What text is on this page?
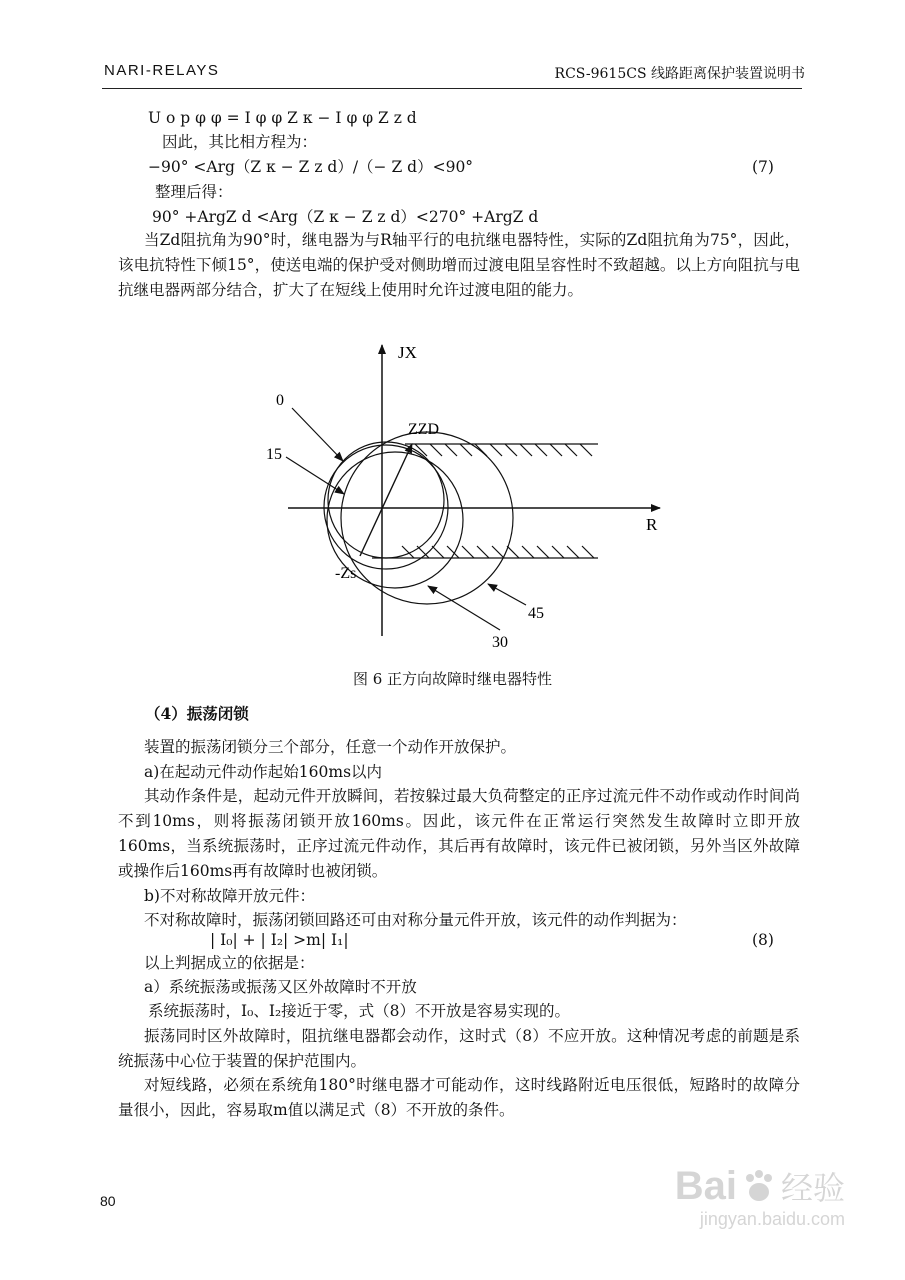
NARI-RELAYS	RCS-9615CS 线路距离保护装置说明书
U o p φ φ = I φ φ Z ᴋ − I φ φ Z z d
因此，其比相方程为：
−90° <Arg（Z ᴋ − Z z d）/（− Z d）<90°	(7)
整理后得：
90° +ArgZ d <Arg（Z ᴋ − Z z d）<270° +ArgZ d
当Zd阻抗角为90°时，继电器为与R轴平行的电抗继电器特性，实际的Zd阻抗角为75°，因此，该电抗特性下倾15°，使送电端的保护受对侧助增而过渡电阻呈容性时不致超越。以上方向阻抗与电抗继电器两部分结合，扩大了在短线上使用时允许过渡电阻的能力。
JX
R
ZZD
-Zs
0
15
30
45
图 6 正方向故障时继电器特性
（4）振荡闭锁
装置的振荡闭锁分三个部分，任意一个动作开放保护。
a)在起动元件动作起始160ms以内
其动作条件是，起动元件开放瞬间，若按躲过最大负荷整定的正序过流元件不动作或动作时间尚不到10ms，则将振荡闭锁开放160ms。因此，该元件在正常运行突然发生故障时立即开放160ms，当系统振荡时，正序过流元件动作，其后再有故障时，该元件已被闭锁，另外当区外故障或操作后160ms再有故障时也被闭锁。
b)不对称故障开放元件：
不对称故障时，振荡闭锁回路还可由对称分量元件开放，该元件的动作判据为：
| I₀| + | I₂| >m| I₁|	(8)
以上判据成立的依据是：
a）系统振荡或振荡又区外故障时不开放
系统振荡时，I₀、I₂接近于零，式（8）不开放是容易实现的。
振荡同时区外故障时，阻抗继电器都会动作，这时式（8）不应开放。这种情况考虑的前题是系统振荡中心位于装置的保护范围内。
对短线路，必须在系统角180°时继电器才可能动作，这时线路附近电压很低，短路时的故障分量很小，因此，容易取m值以满足式（8）不开放的条件。
80	Bai 经验
jingyan.baidu.com
